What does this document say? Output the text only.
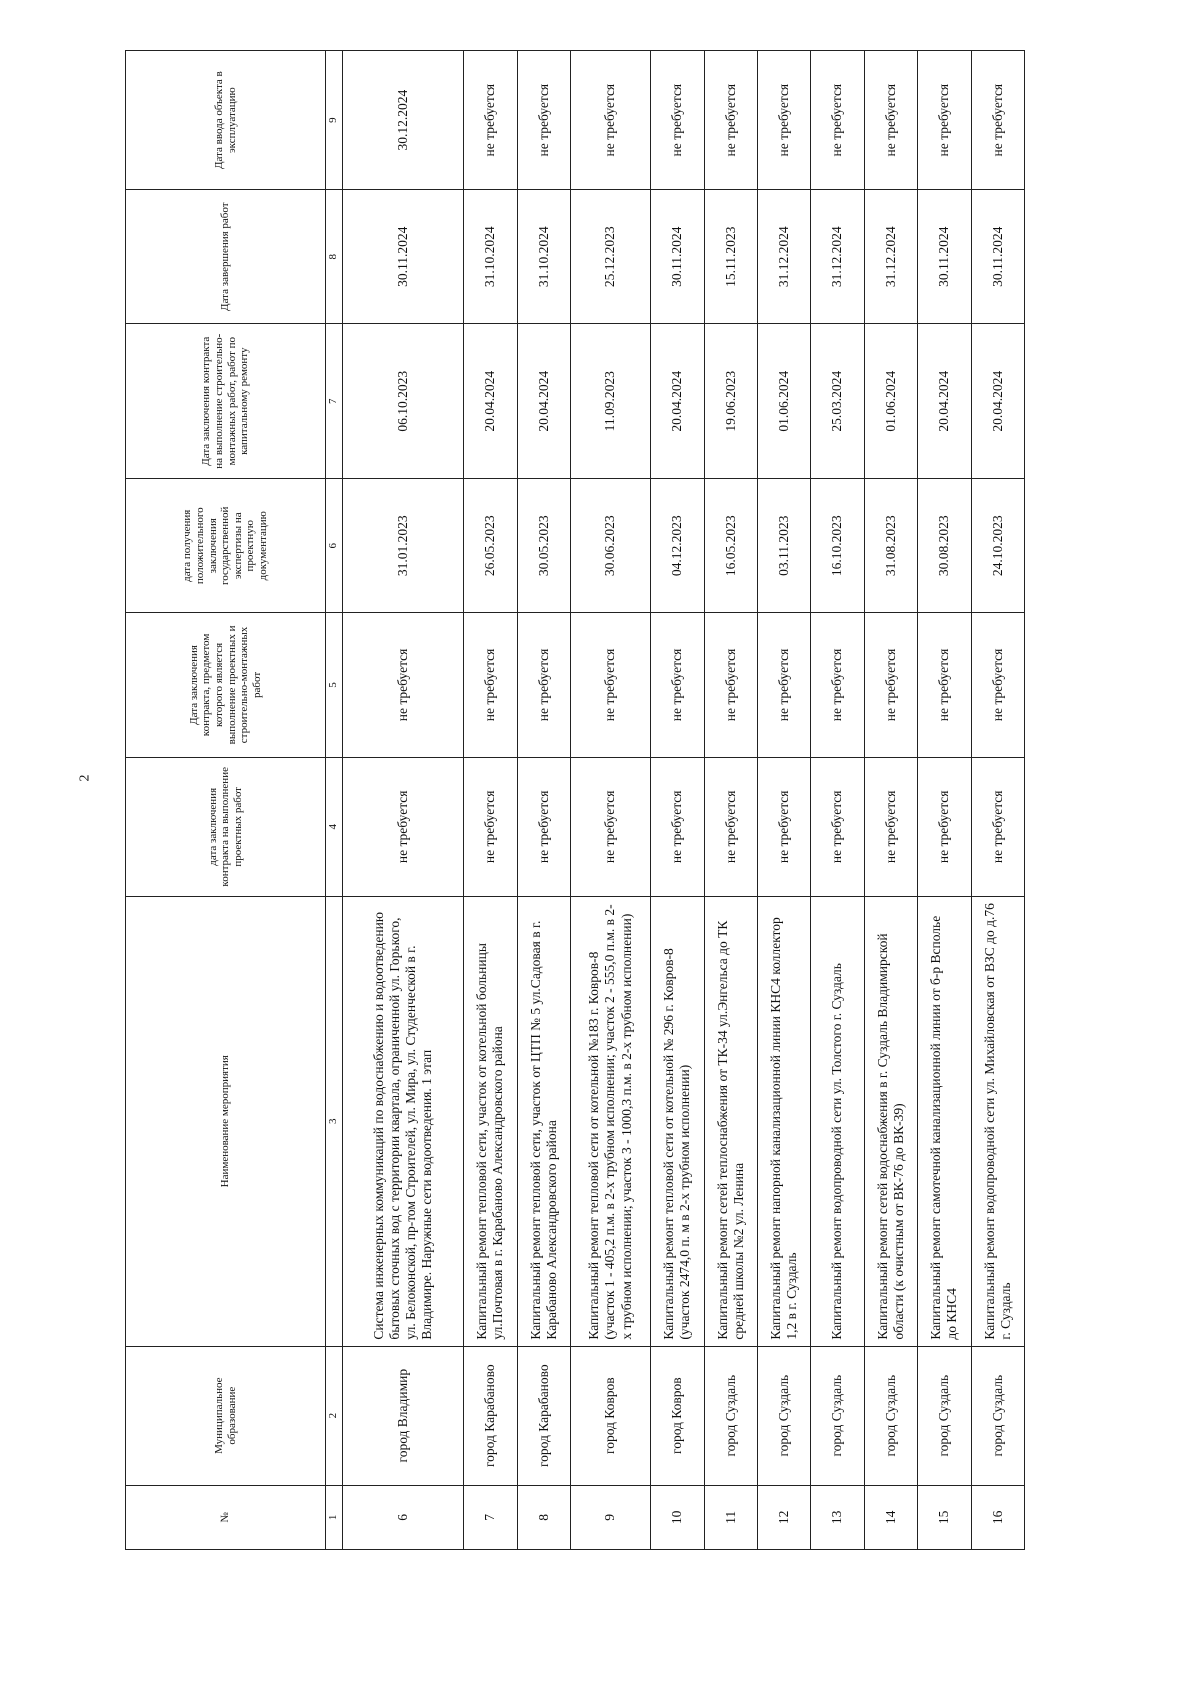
2
№	Муниципальное образование	Наименование мероприятия	дата заключения контракта на выполнение проектных работ	Дата заключения контракта, предметом которого является выполнение проектных и строительно-монтажных работ	дата получения положительного заключения государственной экспертизы на проектную документацию	Дата заключения контракта на выполнение строительно-монтажных работ, работ по капитальному ремонту	Дата завершения работ	Дата ввода объекта в эксплуатацию
1	2	3	4	5	6	7	8	9
6	город Владимир	Система инженерных коммуникаций по водоснабжению и водоотведению бытовых сточных вод с территории квартала, ограниченной ул. Горького, ул. Белоконской, пр-том Строителей, ул. Мира, ул. Студенческой в г. Владимире. Наружные сети водоотведения. 1 этап	не требуется	не требуется	31.01.2023	06.10.2023	30.11.2024	30.12.2024
7	город Карабаново	Капитальный ремонт тепловой сети, участок от котельной больницы ул.Почтовая в г. Карабаново Александровского района	не требуется	не требуется	26.05.2023	20.04.2024	31.10.2024	не требуется
8	город Карабаново	Капитальный ремонт тепловой сети, участок от ЦТП № 5 ул.Садовая в г. Карабаново Александровского района	не требуется	не требуется	30.05.2023	20.04.2024	31.10.2024	не требуется
9	город Ковров	Капитальный ремонт тепловой сети от котельной №183 г. Ковров-8 (участок 1 - 405,2 п.м. в 2-х трубном исполнении; участок 2 - 555,0 п.м. в 2-х трубном исполнении; участок 3 - 1000,3 п.м. в 2-х трубном исполнении)	не требуется	не требуется	30.06.2023	11.09.2023	25.12.2023	не требуется
10	город Ковров	Капитальный ремонт тепловой сети от котельной № 296 г. Ковров-8 (участок 2474,0 п. м в 2-х трубном исполнении)	не требуется	не требуется	04.12.2023	20.04.2024	30.11.2024	не требуется
11	город Суздаль	Капитальный ремонт сетей теплоснабжения от ТК-34 ул.Энгельса до ТК средней школы №2 ул. Ленина	не требуется	не требуется	16.05.2023	19.06.2023	15.11.2023	не требуется
12	город Суздаль	Капитальный ремонт напорной канализационной линии КНС4 коллектор 1,2 в г. Суздаль	не требуется	не требуется	03.11.2023	01.06.2024	31.12.2024	не требуется
13	город Суздаль	Капитальный ремонт водопроводной сети ул. Толстого г. Суздаль	не требуется	не требуется	16.10.2023	25.03.2024	31.12.2024	не требуется
14	город Суздаль	Капитальный ремонт сетей водоснабжения в г. Суздаль Владимирской области (к очистным от ВК-76 до ВК-39)	не требуется	не требуется	31.08.2023	01.06.2024	31.12.2024	не требуется
15	город Суздаль	Капитальный ремонт самотечной канализационной линии от б-р Всполье до КНС4	не требуется	не требуется	30.08.2023	20.04.2024	30.11.2024	не требуется
16	город Суздаль	Капитальный ремонт водопроводной сети ул. Михайловская от ВЗС до д.76 г. Суздаль	не требуется	не требуется	24.10.2023	20.04.2024	30.11.2024	не требуется
